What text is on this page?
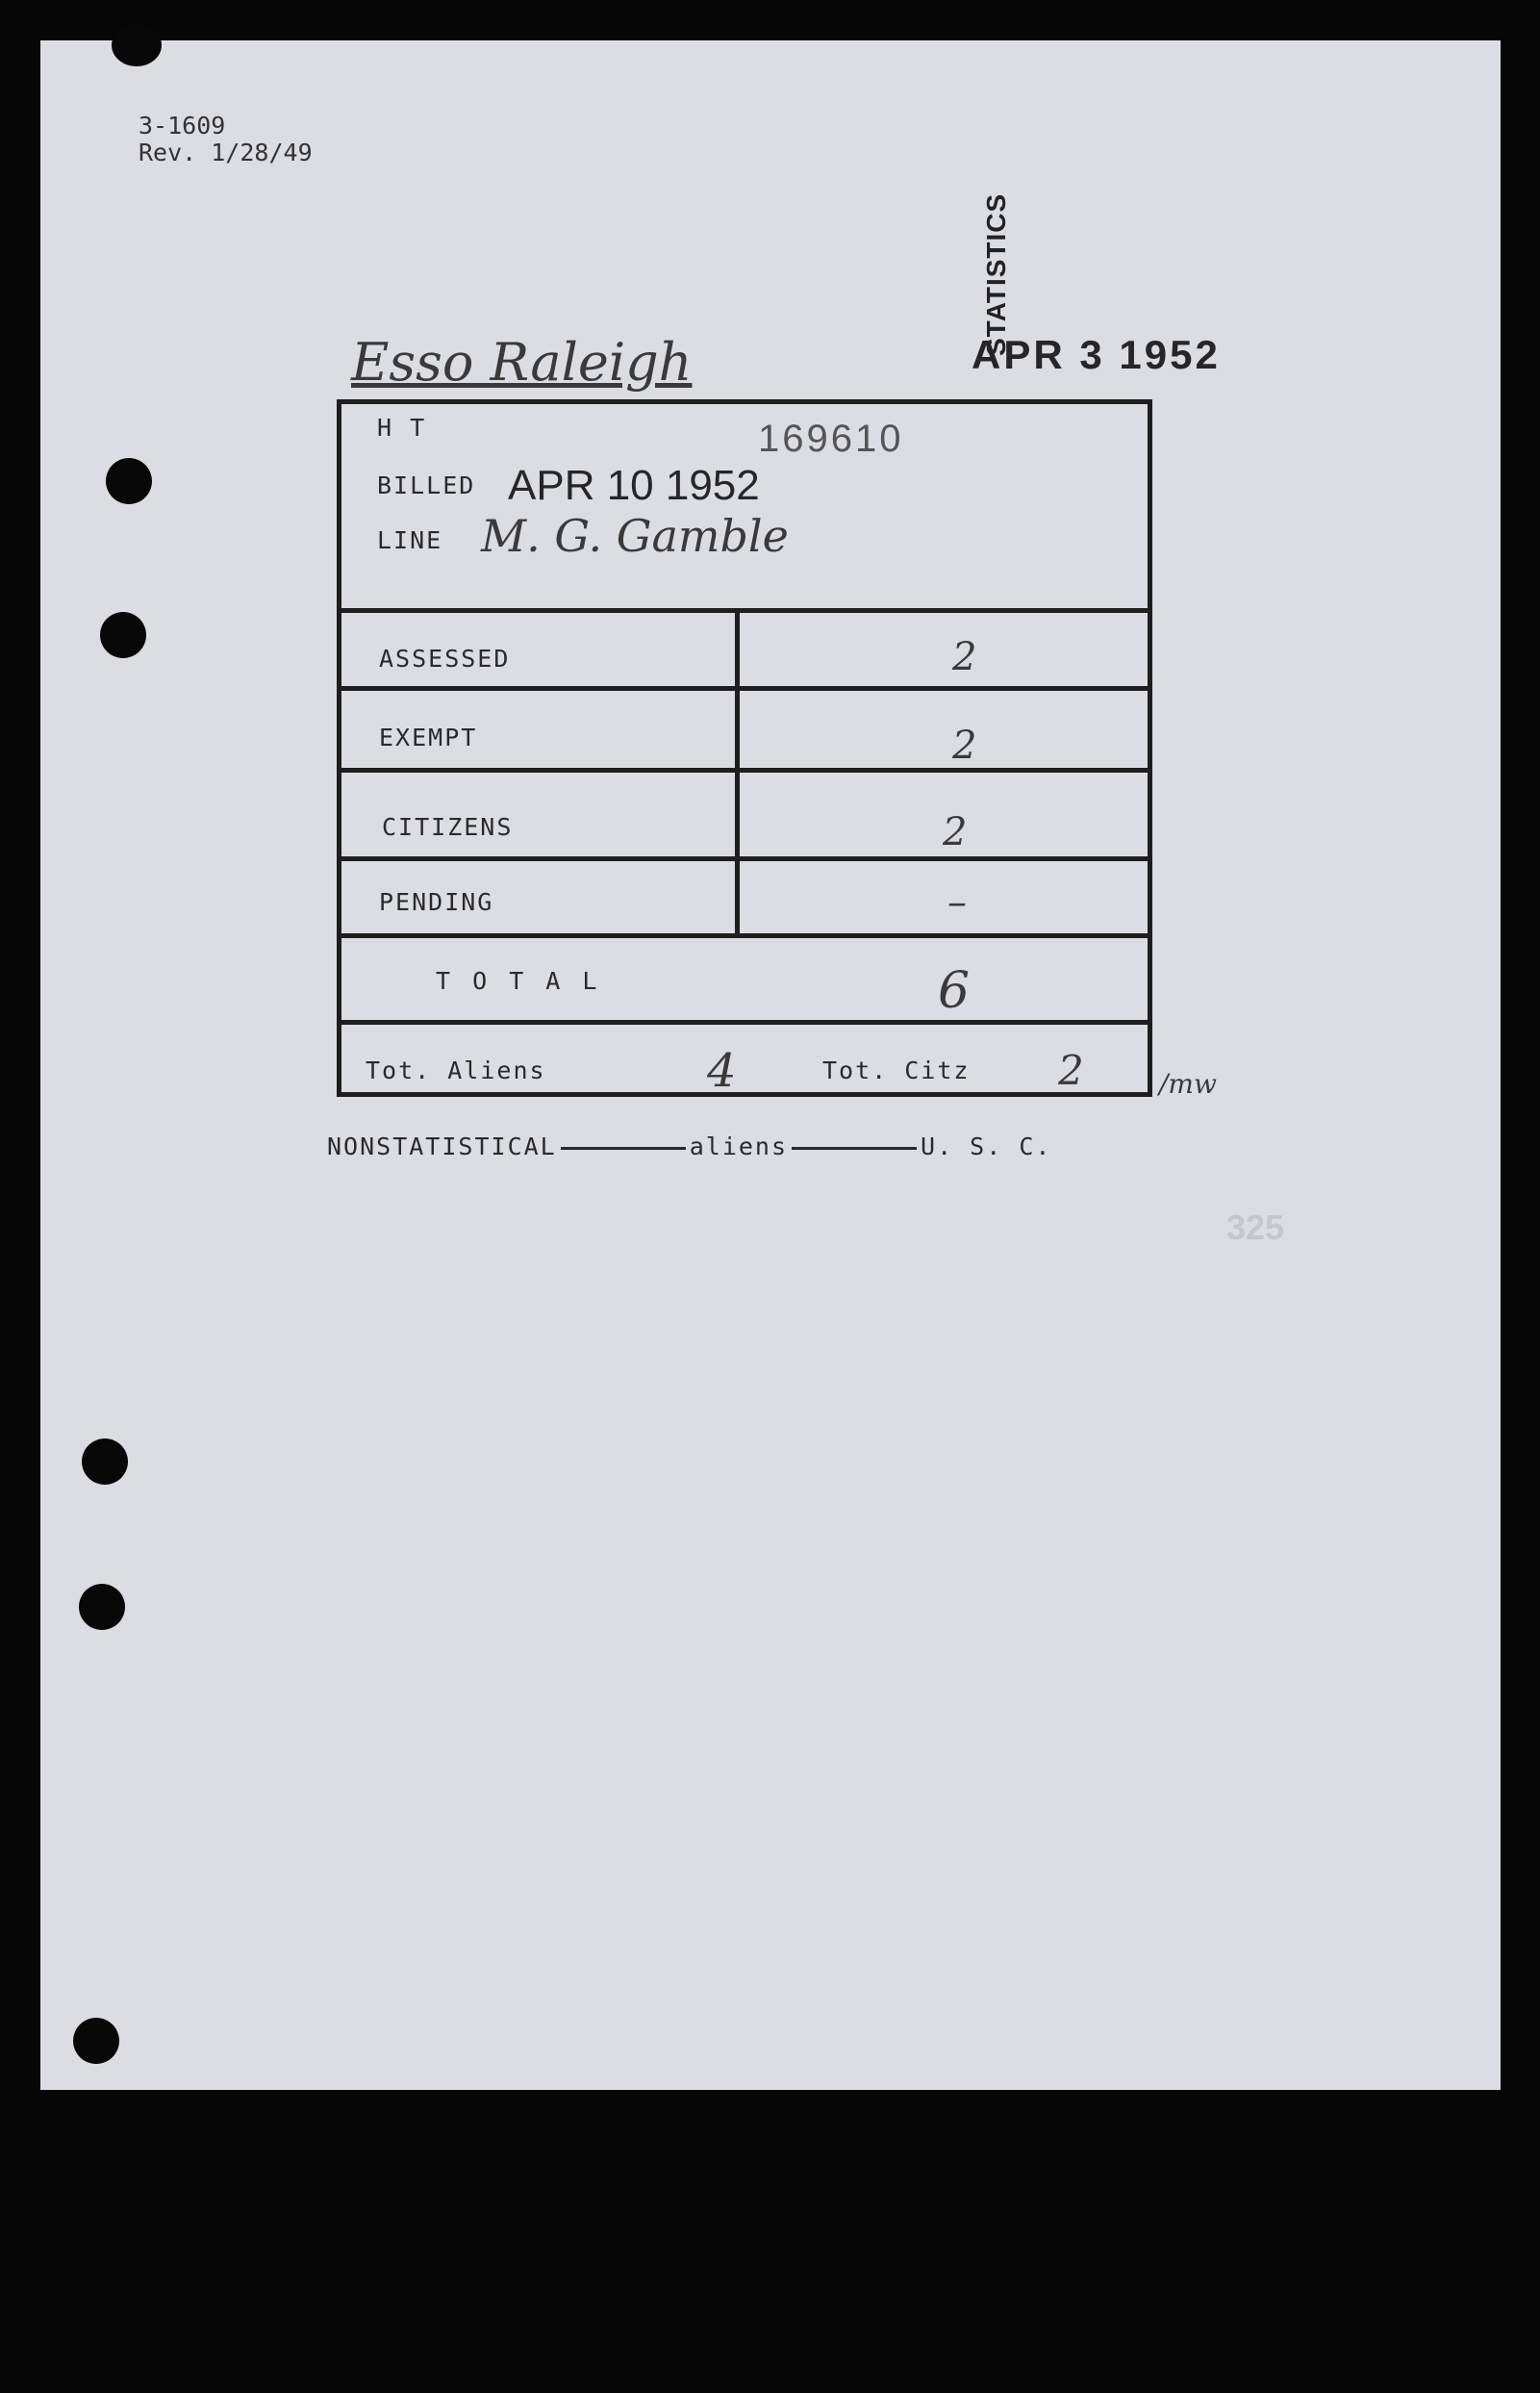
3-1609
Rev. 1/28/49
Esso Raleigh
STATISTICS
APR 3 1952
H T	169610
BILLED APR 10 1952
LINE M. G. Gamble
ASSESSED	2
EXEMPT	2
CITIZENS	2
PENDING	–
T O T A L	6
Tot. Aliens	4	Tot. Citz 2	/mw
NONSTATISTICAL	aliens	U. S. C.
325
